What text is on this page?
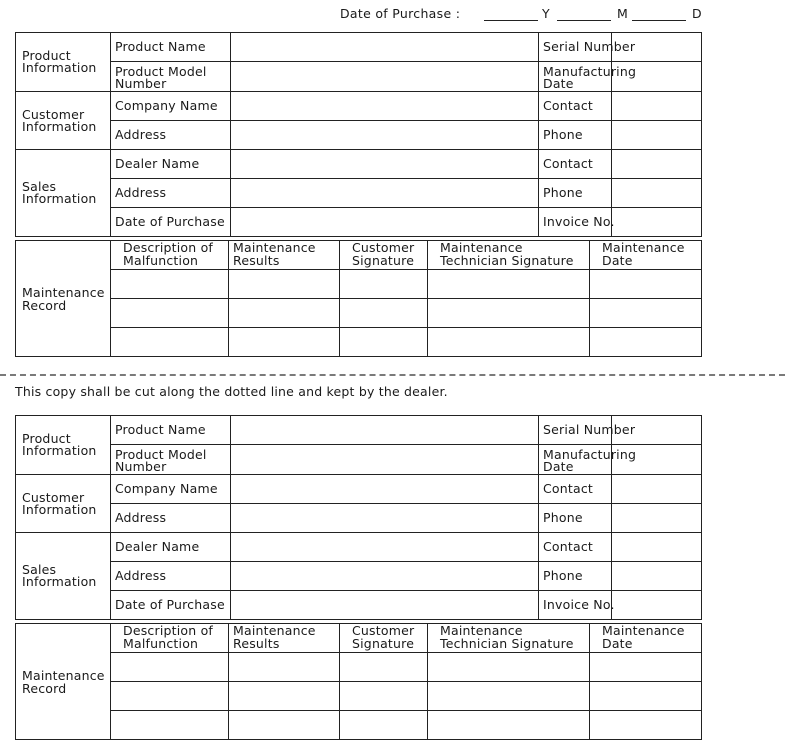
Date of Purchase :	Y	M	D
Product Information	Product Name		Serial Number	
	Product Model Number		Manufacturing Date	
Customer Information	Company Name		Contact	
	Address		Phone	
Sales Information	Dealer Name		Contact	
	Address		Phone	
	Date of Purchase		Invoice No.	
Maintenance Record	Description of Malfunction	Maintenance Results	Customer Signature	Maintenance Technician Signature	Maintenance Date

This copy shall be cut along the dotted line and kept by the dealer.
Product Information	Product Name		Serial Number	
	Product Model Number		Manufacturing Date	
Customer Information	Company Name		Contact	
	Address		Phone	
Sales Information	Dealer Name		Contact	
	Address		Phone	
	Date of Purchase		Invoice No.	
Maintenance Record	Description of Malfunction	Maintenance Results	Customer Signature	Maintenance Technician Signature	Maintenance Date
